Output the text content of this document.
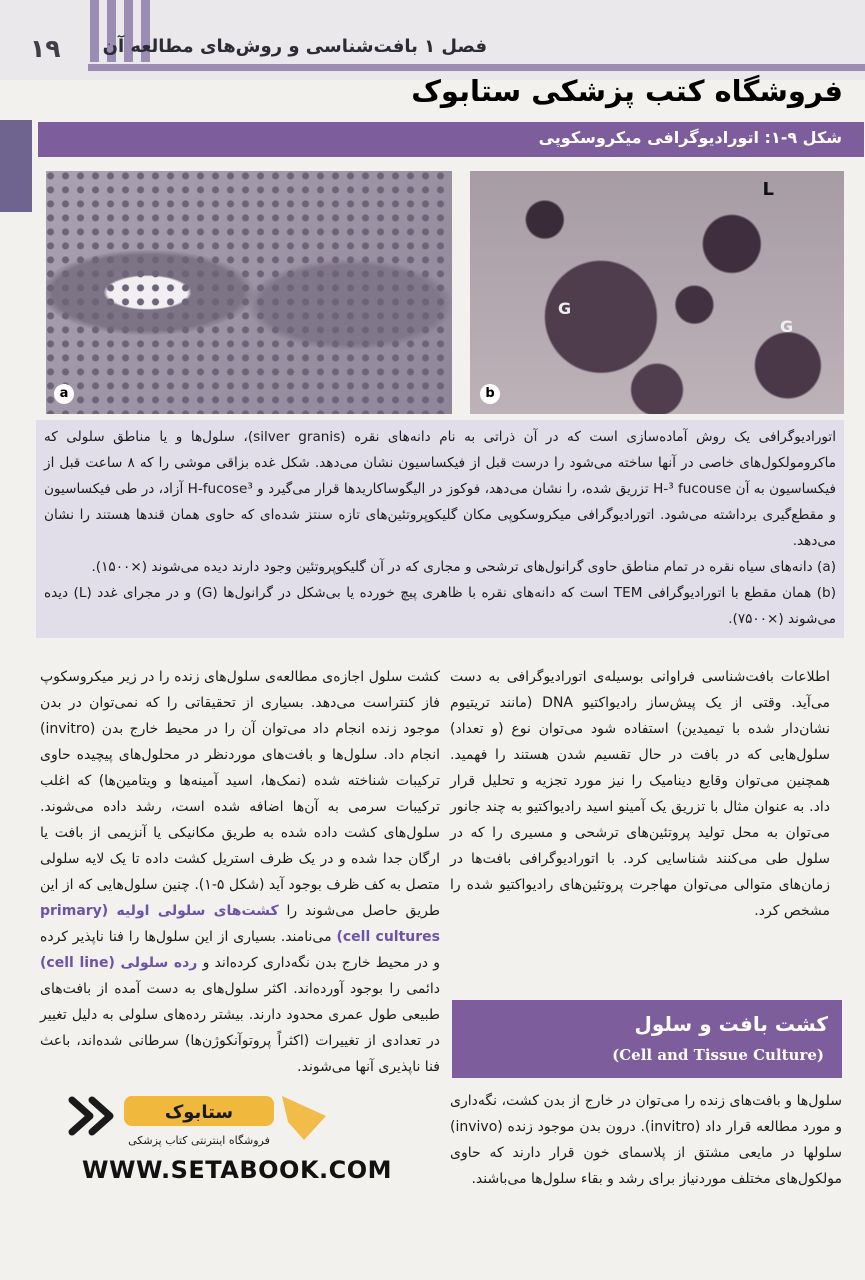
۱۹ فصل ۱ بافت‌شناسی و روش‌های مطالعه آن
فروشگاه کتب پزشکی ستابوک
شکل ۹-۱: اتورادیوگرافی میکروسکوپی
a
G
G
L
b

اتورادیوگرافی یک روش آماده‌سازی است که در آن ذراتی به نام دانه‌های نقره (silver granis)، سلول‌ها و یا مناطق سلولی که ماکرومولکول‌های خاصی در آنها ساخته می‌شود را درست قبل از فیکساسیون نشان می‌دهد. شکل غده بزاقی موشی را که ۸ ساعت قبل از فیکساسیون به آن H-³ fucouse تزریق شده، را نشان می‌دهد، فوکوز در الیگوساکاریدها قرار می‌گیرد و H-fucose³ آزاد، در طی فیکساسیون و مقطع‌گیری برداشته می‌شود. اتورادیوگرافی میکروسکوپی مکان گلیکوپروتئین‌های تازه سنتز شده‌ای که حاوی همان قندها هستند را نشان می‌دهد.

(a) دانه‌های سیاه نقره در تمام مناطق حاوی گرانول‌های ترشحی و مجاری که در آن گلیکوپروتئین وجود دارند دیده می‌شوند (×۱۵۰۰).

(b) همان مقطع با اتورادیوگرافی TEM است که دانه‌های نقره با ظاهری پیچ خورده یا بی‌شکل در گرانول‌ها (G) و در مجرای غدد (L) دیده می‌شوند (×۷۵۰۰).

اطلاعات بافت‌شناسی فراوانی بوسیله‌ی اتورادیوگرافی به دست می‌آید. وقتی از یک پیش‌ساز رادیواکتیو DNA (مانند تریتیوم نشان‌دار شده با تیمیدین) استفاده شود می‌توان نوع (و تعداد) سلول‌هایی که در بافت در حال تقسیم شدن هستند را فهمید. همچنین می‌توان وقایع دینامیک را نیز مورد تجزیه و تحلیل قرار داد. به عنوان مثال با تزریق یک آمینو اسید رادیواکتیو به چند جانور می‌توان به محل تولید پروتئین‌های ترشحی و مسیری را که در سلول طی می‌کنند شناسایی کرد. با اتورادیوگرافی بافت‌ها در زمان‌های متوالی می‌توان مهاجرت پروتئین‌های رادیواکتیو شده را مشخص کرد.

کشت سلول اجازه‌ی مطالعه‌ی سلول‌های زنده را در زیر میکروسکوپ فاز کنتراست می‌دهد. بسیاری از تحقیقاتی را که نمی‌توان در بدن موجود زنده انجام داد می‌توان آن را در محیط خارج بدن (invitro) انجام داد. سلول‌ها و بافت‌های موردنظر در محلول‌های پیچیده حاوی ترکیبات شناخته شده (نمک‌ها، اسید آمینه‌ها و ویتامین‌ها) که اغلب ترکیبات سرمی به آن‌ها اضافه شده است، رشد داده می‌شوند. سلول‌های کشت داده شده به طریق مکانیکی یا آنزیمی از بافت یا ارگان جدا شده و در یک ظرف استریل کشت داده تا یک لایه سلولی متصل به کف ظرف بوجود آید (شکل ۵-۱). چنین سلول‌هایی که از این طریق حاصل می‌شوند را کشت‌های سلولی اولیه (primary cell cultures) می‌نامند. بسیاری از این سلول‌ها را فنا ناپذیر کرده و در محیط خارج بدن نگه‌داری کرده‌اند و رده سلولی (cell line) دائمی را بوجود آورده‌اند. اکثر سلول‌های به دست آمده از بافت‌های طبیعی طول عمری محدود دارند. بیشتر رده‌های سلولی به دلیل تغییر در تعدادی از تغییرات (اکثراً پروتوآنکوژن‌ها) سرطانی شده‌اند، باعث فنا ناپذیری آنها می‌شوند.

کشت بافت و سلول
(Cell and Tissue Culture)

سلول‌ها و بافت‌های زنده را می‌توان در خارج از بدن کشت، نگه‌داری و مورد مطالعه قرار داد (invitro). درون بدن موجود زنده (invivo) سلولها در مایعی مشتق از پلاسمای خون قرار دارند که حاوی مولکول‌های مختلف موردنیاز برای رشد و بقاء سلول‌ها می‌باشند.

ستابوک
فروشگاه اینترنتی کتاب پزشکی
WWW.SETABOOK.COM
